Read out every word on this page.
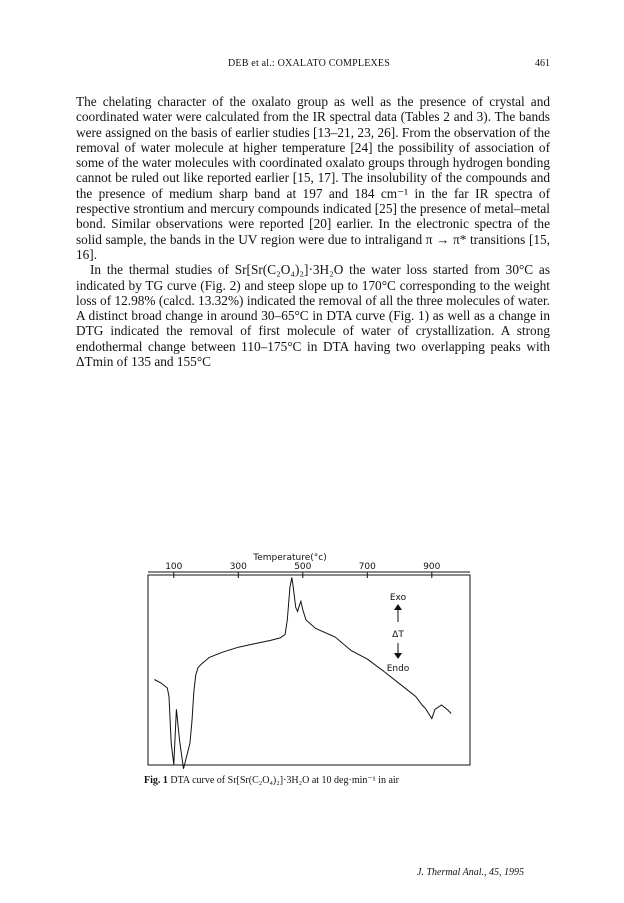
DEB et al.: OXALATO COMPLEXES	461

The chelating character of the oxalato group as well as the presence of crystal and coordinated water were calculated from the IR spectral data (Tables 2 and 3). The bands were assigned on the basis of earlier studies [13–21, 23, 26]. From the observation of the removal of water molecule at higher temperature [24] the possibility of association of some of the water molecules with coordinated oxalato groups through hydrogen bonding cannot be ruled out like reported earlier [15, 17]. The insolubility of the compounds and the presence of medium sharp band at 197 and 184 cm⁻¹ in the far IR spectra of respective strontium and mercury compounds indicated [25] the presence of metal–metal bond. Similar observations were reported [20] earlier. In the electronic spectra of the solid sample, the bands in the UV region were due to intraligand π → π* transitions [15, 16].

In the thermal studies of Sr[Sr(C₂O₄)₂]·3H₂O the water loss started from 30°C as indicated by TG curve (Fig. 2) and steep slope up to 170°C corresponding to the weight loss of 12.98% (calcd. 13.32%) indicated the removal of all the three molecules of water. A distinct broad change in around 30–65°C in DTA curve (Fig. 1) as well as a change in DTG indicated the removal of first molecule of water of crystallization. A strong endothermal change between 110–175°C in DTA having two overlapping peaks with ΔTmin of 135 and 155°C

Temperature(°c)
100	300	500	700	900
Exo
ΔT
Endo
Fig. 1 DTA curve of Sr[Sr(C₂O₄)₂]·3H₂O at 10 deg·min⁻¹ in air
J. Thermal Anal., 45, 1995
